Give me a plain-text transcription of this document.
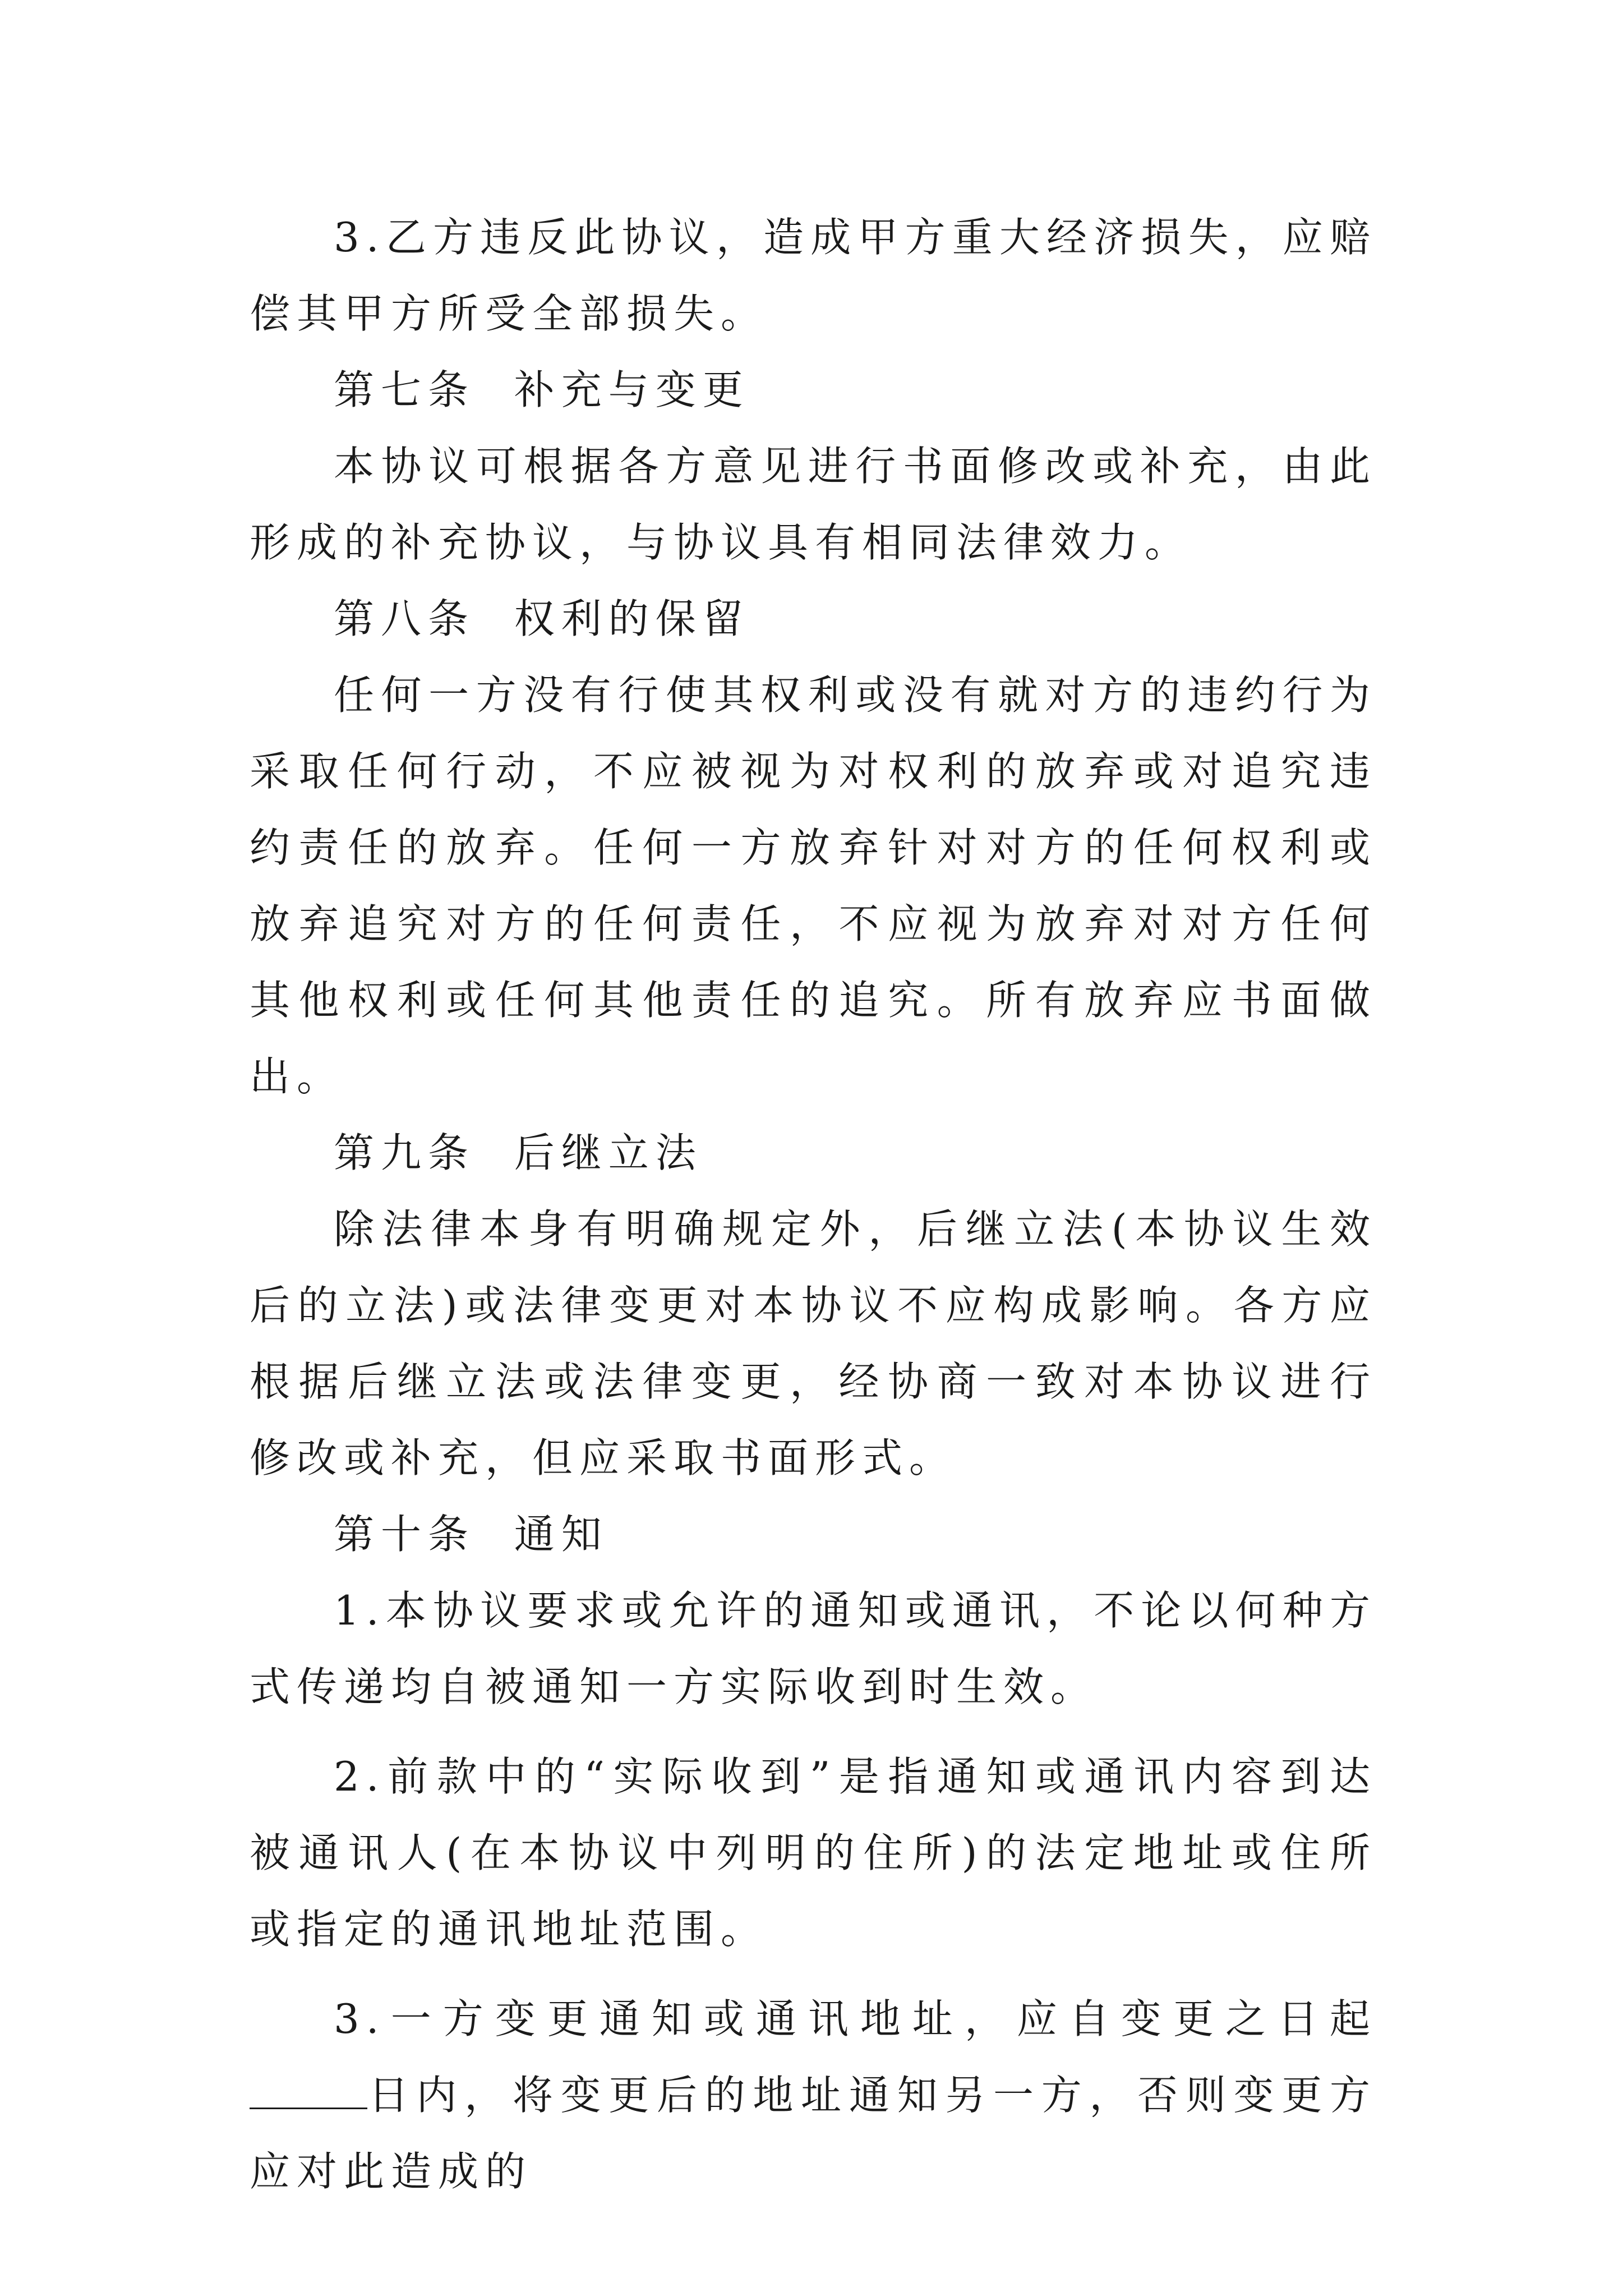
3.乙方违反此协议，造成甲方重大经济损失，应赔偿其甲方所受全部损失。

第七条  补充与变更

本协议可根据各方意见进行书面修改或补充，由此形成的补充协议，与协议具有相同法律效力。

第八条  权利的保留

任何一方没有行使其权利或没有就对方的违约行为采取任何行动，不应被视为对权利的放弃或对追究违约责任的放弃。任何一方放弃针对对方的任何权利或放弃追究对方的任何责任，不应视为放弃对对方任何其他权利或任何其他责任的追究。所有放弃应书面做出。

第九条  后继立法

除法律本身有明确规定外，后继立法(本协议生效后的立法)或法律变更对本协议不应构成影响。各方应根据后继立法或法律变更，经协商一致对本协议进行修改或补充，但应采取书面形式。

第十条  通知

1.本协议要求或允许的通知或通讯，不论以何种方式传递均自被通知一方实际收到时生效。

2.前款中的“实际收到”是指通知或通讯内容到达被通讯人(在本协议中列明的住所)的法定地址或住所或指定的通讯地址范围。

3.一方变更通知或通讯地址，应自变更之日起日内，将变更后的地址通知另一方，否则变更方应对此造成的
